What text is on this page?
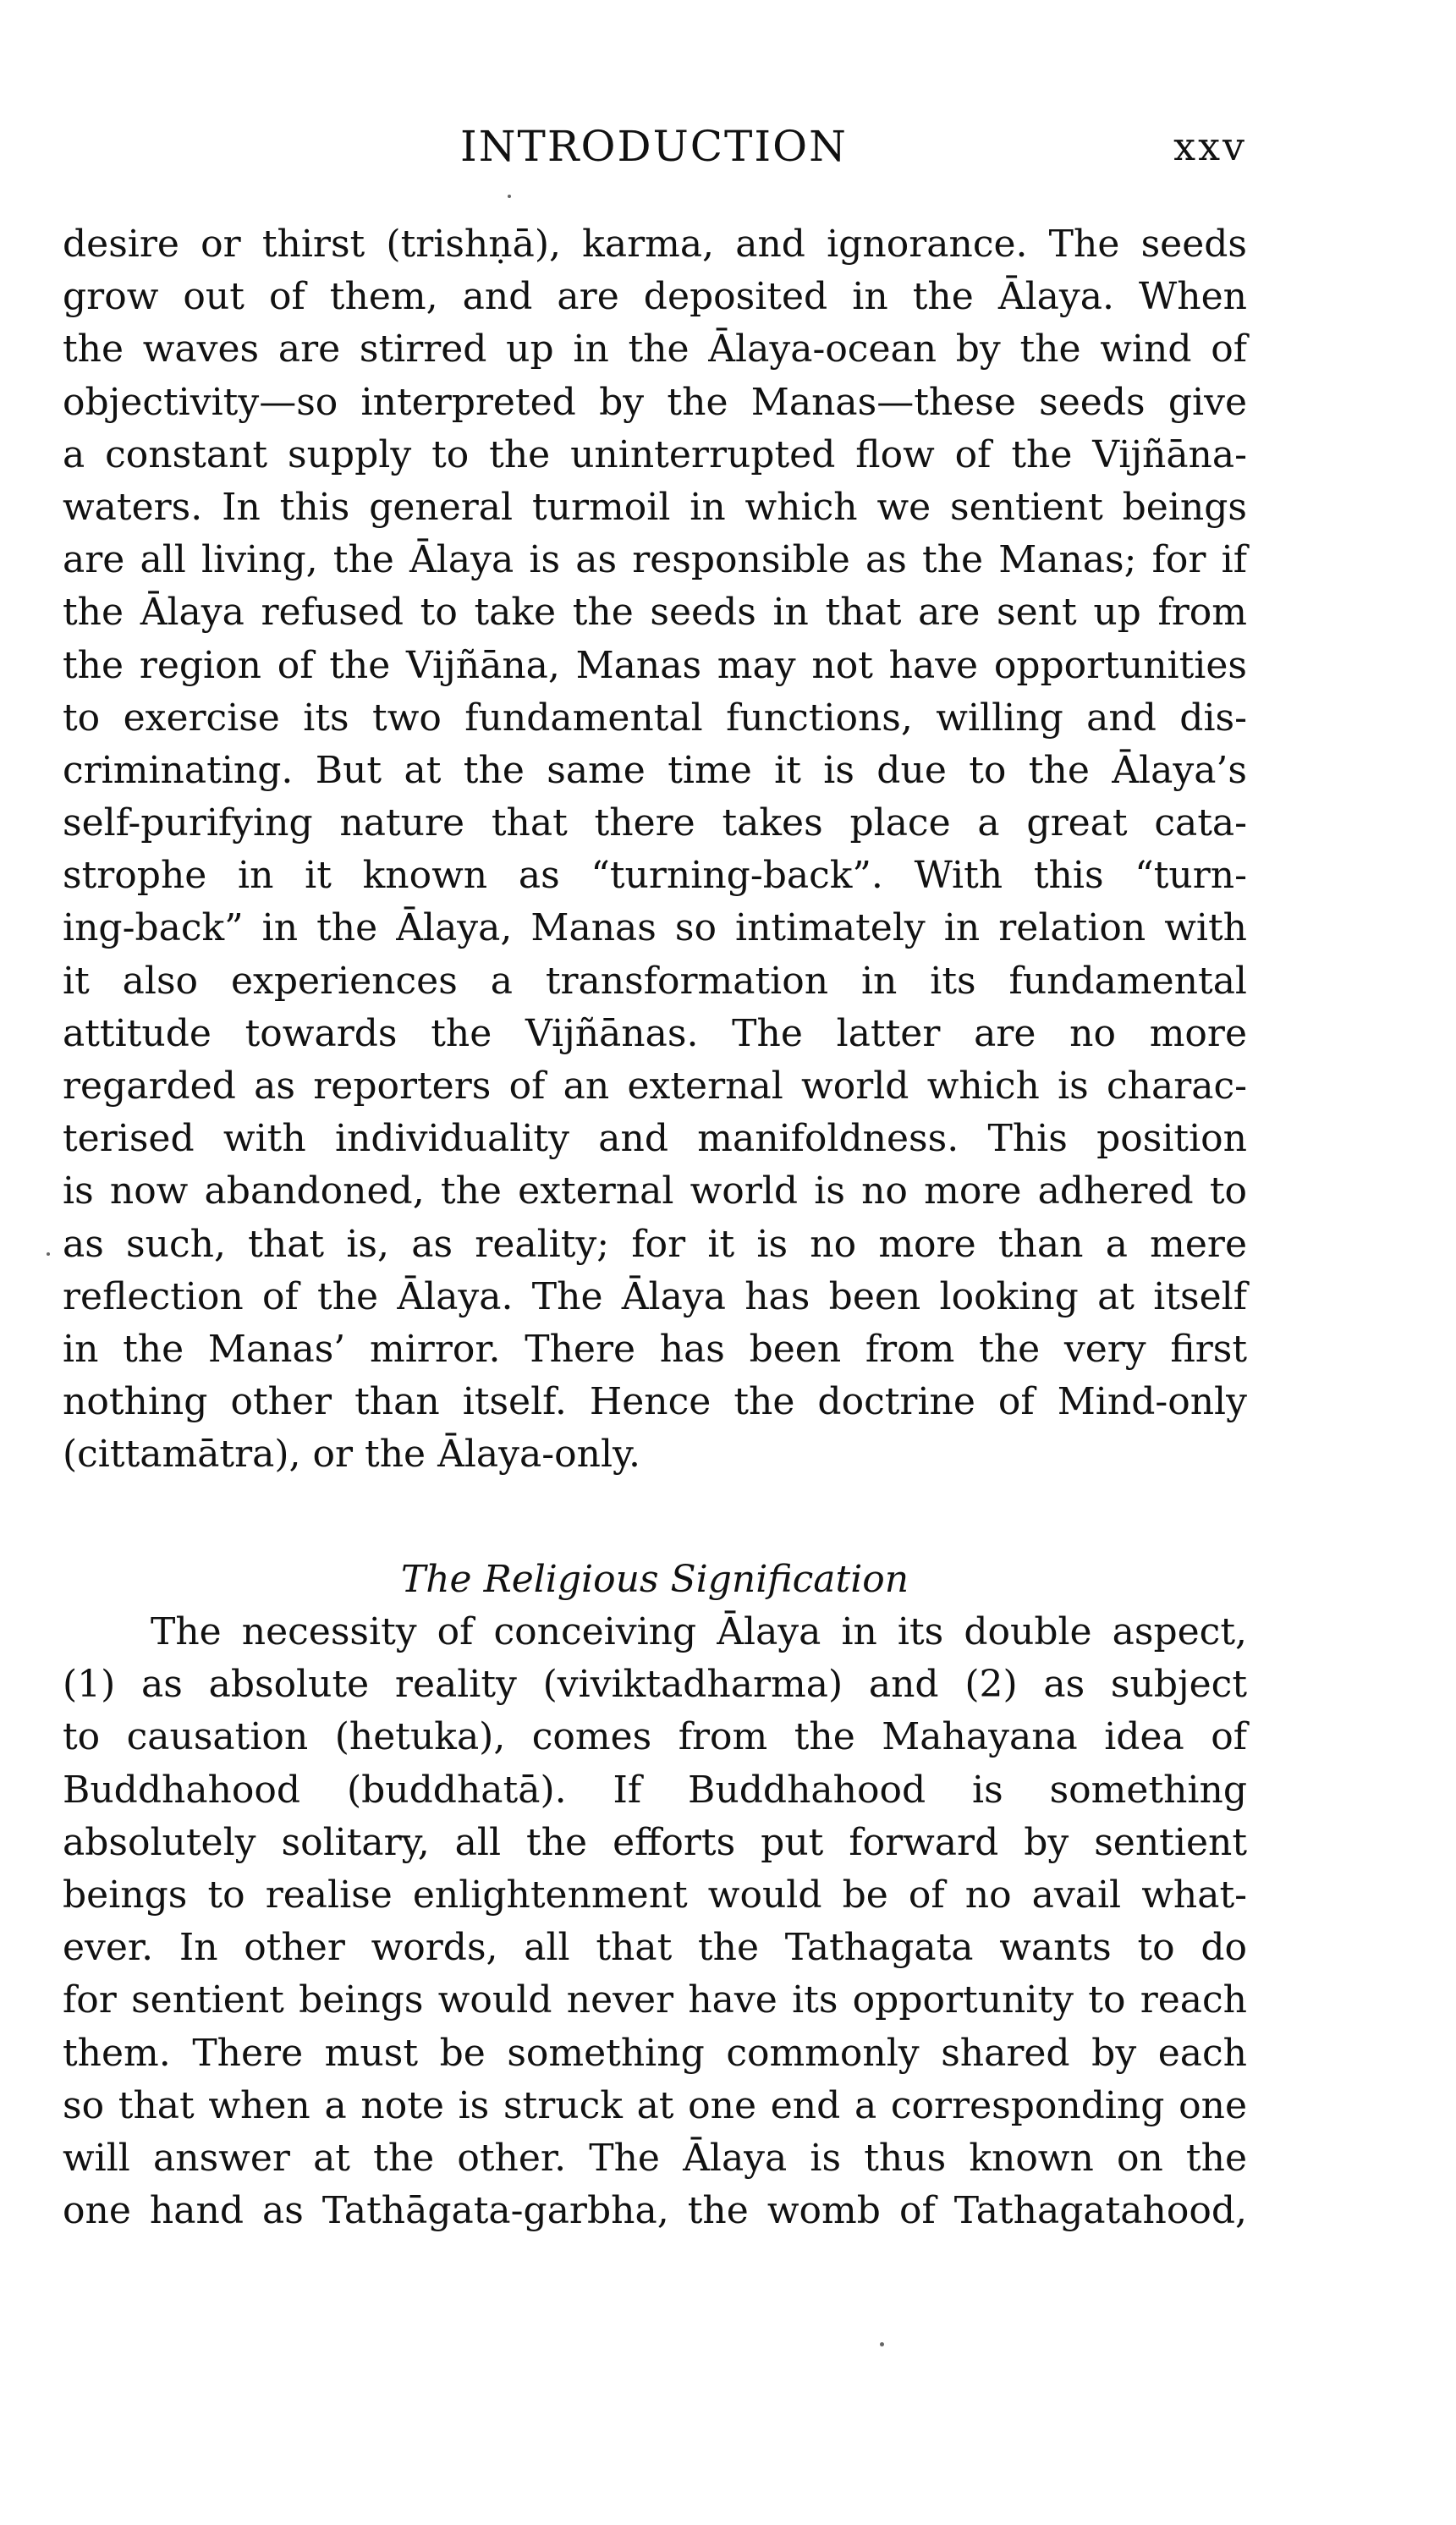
INTRODUCTION	xxv
desire or thirst (trishṇā), karma, and ignorance. The seeds
grow out of them, and are deposited in the Ālaya. When
the waves are stirred up in the Ālaya-ocean by the wind of
objectivity—so interpreted by the Manas—these seeds give
a constant supply to the uninterrupted flow of the Vijñāna-
waters. In this general turmoil in which we sentient beings
are all living, the Ālaya is as responsible as the Manas; for if
the Ālaya refused to take the seeds in that are sent up from
the region of the Vijñāna, Manas may not have opportunities
to exercise its two fundamental functions, willing and dis-
criminating. But at the same time it is due to the Ālaya’s
self-purifying nature that there takes place a great cata-
strophe in it known as “turning-back”. With this “turn-
ing-back” in the Ālaya, Manas so intimately in relation with
it also experiences a transformation in its fundamental
attitude towards the Vijñānas. The latter are no more
regarded as reporters of an external world which is charac-
terised with individuality and manifoldness. This position
is now abandoned, the external world is no more adhered to
as such, that is, as reality; for it is no more than a mere
reflection of the Ālaya. The Ālaya has been looking at itself
in the Manas’ mirror. There has been from the very first
nothing other than itself. Hence the doctrine of Mind-only
(cittamātra), or the Ālaya-only.
The Religious Signification
The necessity of conceiving Ālaya in its double aspect,
(1) as absolute reality (viviktadharma) and (2) as subject
to causation (hetuka), comes from the Mahayana idea of
Buddhahood (buddhatā). If Buddhahood is something
absolutely solitary, all the efforts put forward by sentient
beings to realise enlightenment would be of no avail what-
ever. In other words, all that the Tathagata wants to do
for sentient beings would never have its opportunity to reach
them. There must be something commonly shared by each
so that when a note is struck at one end a corresponding one
will answer at the other. The Ālaya is thus known on the
one hand as Tathāgata-garbha, the womb of Tathagatahood,
